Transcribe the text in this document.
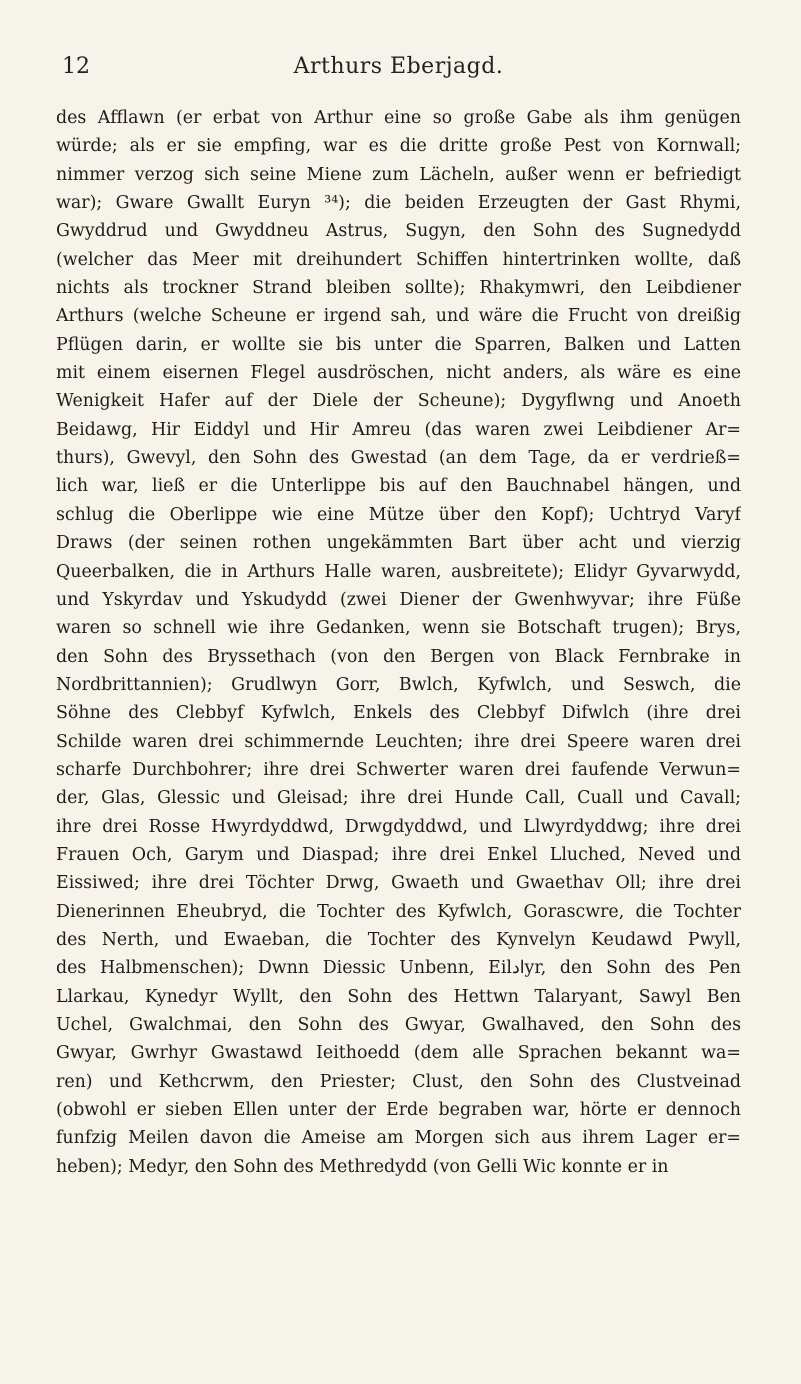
12	Arthurs Eberjagd.
des Afflawn (er erbat von Arthur eine so große Gabe als ihm genügen
würde; als er sie empfing, war es die dritte große Pest von Kornwall;
nimmer verzog sich seine Miene zum Lächeln, außer wenn er befriedigt
war); Gware Gwallt Euryn ³⁴); die beiden Erzeugten der Gast Rhymi,
Gwyddrud und Gwyddneu Astrus, Sugyn, den Sohn des Sugnedydd
(welcher das Meer mit dreihundert Schiffen hintertrinken wollte, daß
nichts als trockner Strand bleiben sollte); Rhakymwri, den Leibdiener
Arthurs (welche Scheune er irgend sah, und wäre die Frucht von dreißig
Pflügen darin, er wollte sie bis unter die Sparren, Balken und Latten
mit einem eisernen Flegel ausdröschen, nicht anders, als wäre es eine
Wenigkeit Hafer auf der Diele der Scheune); Dygyflwng und Anoeth
Beidawg, Hir Eiddyl und Hir Amreu (das waren zwei Leibdiener Ar=
thurs), Gwevyl, den Sohn des Gwestad (an dem Tage, da er verdrieß=
lich war, ließ er die Unterlippe bis auf den Bauchnabel hängen, und
schlug die Oberlippe wie eine Mütze über den Kopf); Uchtryd Varyf
Draws (der seinen rothen ungekämmten Bart über acht und vierzig
Queerbalken, die in Arthurs Halle waren, ausbreitete); Elidyr Gyvarwydd,
und Yskyrdav und Yskudydd (zwei Diener der Gwenhwyvar; ihre Füße
waren so schnell wie ihre Gedanken, wenn sie Botschaft trugen); Brys,
den Sohn des Bryssethach (von den Bergen von Black Fernbrake in
Nordbrittannien); Grudlwyn Gorr, Bwlch, Kyfwlch, und Seswch, die
Söhne des Clebbyf Kyfwlch, Enkels des Clebbyf Difwlch (ihre drei
Schilde waren drei schimmernde Leuchten; ihre drei Speere waren drei
scharfe Durchbohrer; ihre drei Schwerter waren drei faufende Verwun=
der, Glas, Glessic und Gleisad; ihre drei Hunde Call, Cuall und Cavall;
ihre drei Rosse Hwyrdyddwd, Drwgdyddwd, und Llwyrdyddwg; ihre drei
Frauen Och, Garym und Diaspad; ihre drei Enkel Lluched, Neved und
Eissiwed; ihre drei Töchter Drwg, Gwaeth und Gwaethav Oll; ihre drei
Dienerinnen Eheubryd, die Tochter des Kyfwlch, Gorascwre, die Tochter
des Nerth, und Ewaeban, die Tochter des Kynvelyn Keudawd Pwyll,
des Halbmenschen); Dwnn Diessic Unbenn, Eilادyr, den Sohn des Pen
Llarkau, Kynedyr Wyllt, den Sohn des Hettwn Talaryant, Sawyl Ben
Uchel, Gwalchmai, den Sohn des Gwyar, Gwalhaved, den Sohn des
Gwyar, Gwrhyr Gwastawd Ieithoedd (dem alle Sprachen bekannt wa=
ren) und Kethcrwm, den Priester; Clust, den Sohn des Clustveinad
(obwohl er sieben Ellen unter der Erde begraben war, hörte er dennoch
funfzig Meilen davon die Ameise am Morgen sich aus ihrem Lager er=
heben); Medyr, den Sohn des Methredydd (von Gelli Wic konnte er in
